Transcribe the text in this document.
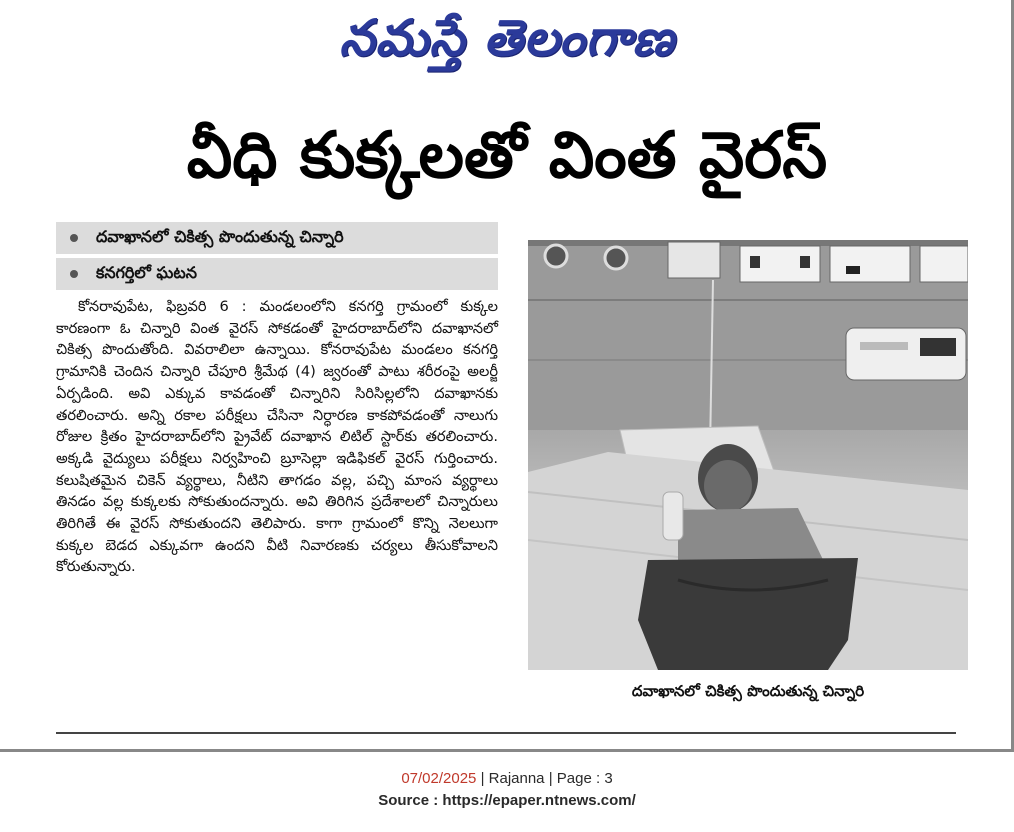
నమస్తే తెలంగాణ
వీధి కుక్కలతో వింత వైరస్
దవాఖానలో చికిత్స పొందుతున్న చిన్నారి
కనగర్తిలో ఘటన

కోనరావుపేట, ఫిబ్రవరి 6 : మండలంలోని కనగర్తి గ్రామంలో కుక్కల కారణంగా ఓ చిన్నారి వింత వైరస్ సోకడంతో హైదరాబాద్‌లోని దవాఖానలో చికిత్స పొందుతోంది. వివరాలిలా ఉన్నాయి. కోనరావుపేట మండలం కనగర్తి గ్రామానికి చెందిన చిన్నారి చేపూరి శ్రీమేథ (4) జ్వరంతో పాటు శరీరంపై అలర్జీ ఏర్పడింది. అవి ఎక్కువ కావడంతో చిన్నారిని సిరిసిల్లలోని దవాఖానకు తరలించారు. అన్ని రకాల పరీక్షలు చేసినా నిర్ధారణ కాకపోవడంతో నాలుగు రోజుల క్రితం హైదరాబాద్‌లోని ప్రైవేట్ దవాఖాన లిటిల్ స్టార్‌కు తరలించారు. అక్కడి వైద్యులు పరీక్షలు నిర్వహించి బ్రూసెల్లా ఇడిఫికల్ వైరస్ గుర్తించారు. కలుషితమైన చికెన్ వ్యర్థాలు, నీటిని తాగడం వల్ల, పచ్చి మాంస వ్యర్థాలు తినడం వల్ల కుక్కలకు సోకుతుందన్నారు. అవి తిరిగిన ప్రదేశాలలో చిన్నారులు తిరిగితే ఈ వైరస్ సోకుతుందని తెలిపారు. కాగా గ్రామంలో కొన్ని నెలలుగా కుక్కల బెడద ఎక్కువగా ఉందని వీటి నివారణకు చర్యలు తీసుకోవాలని కోరుతున్నారు.

దవాఖానలో చికిత్స పొందుతున్న చిన్నారి
07/02/2025 | Rajanna | Page : 3
Source : https://epaper.ntnews.com/
